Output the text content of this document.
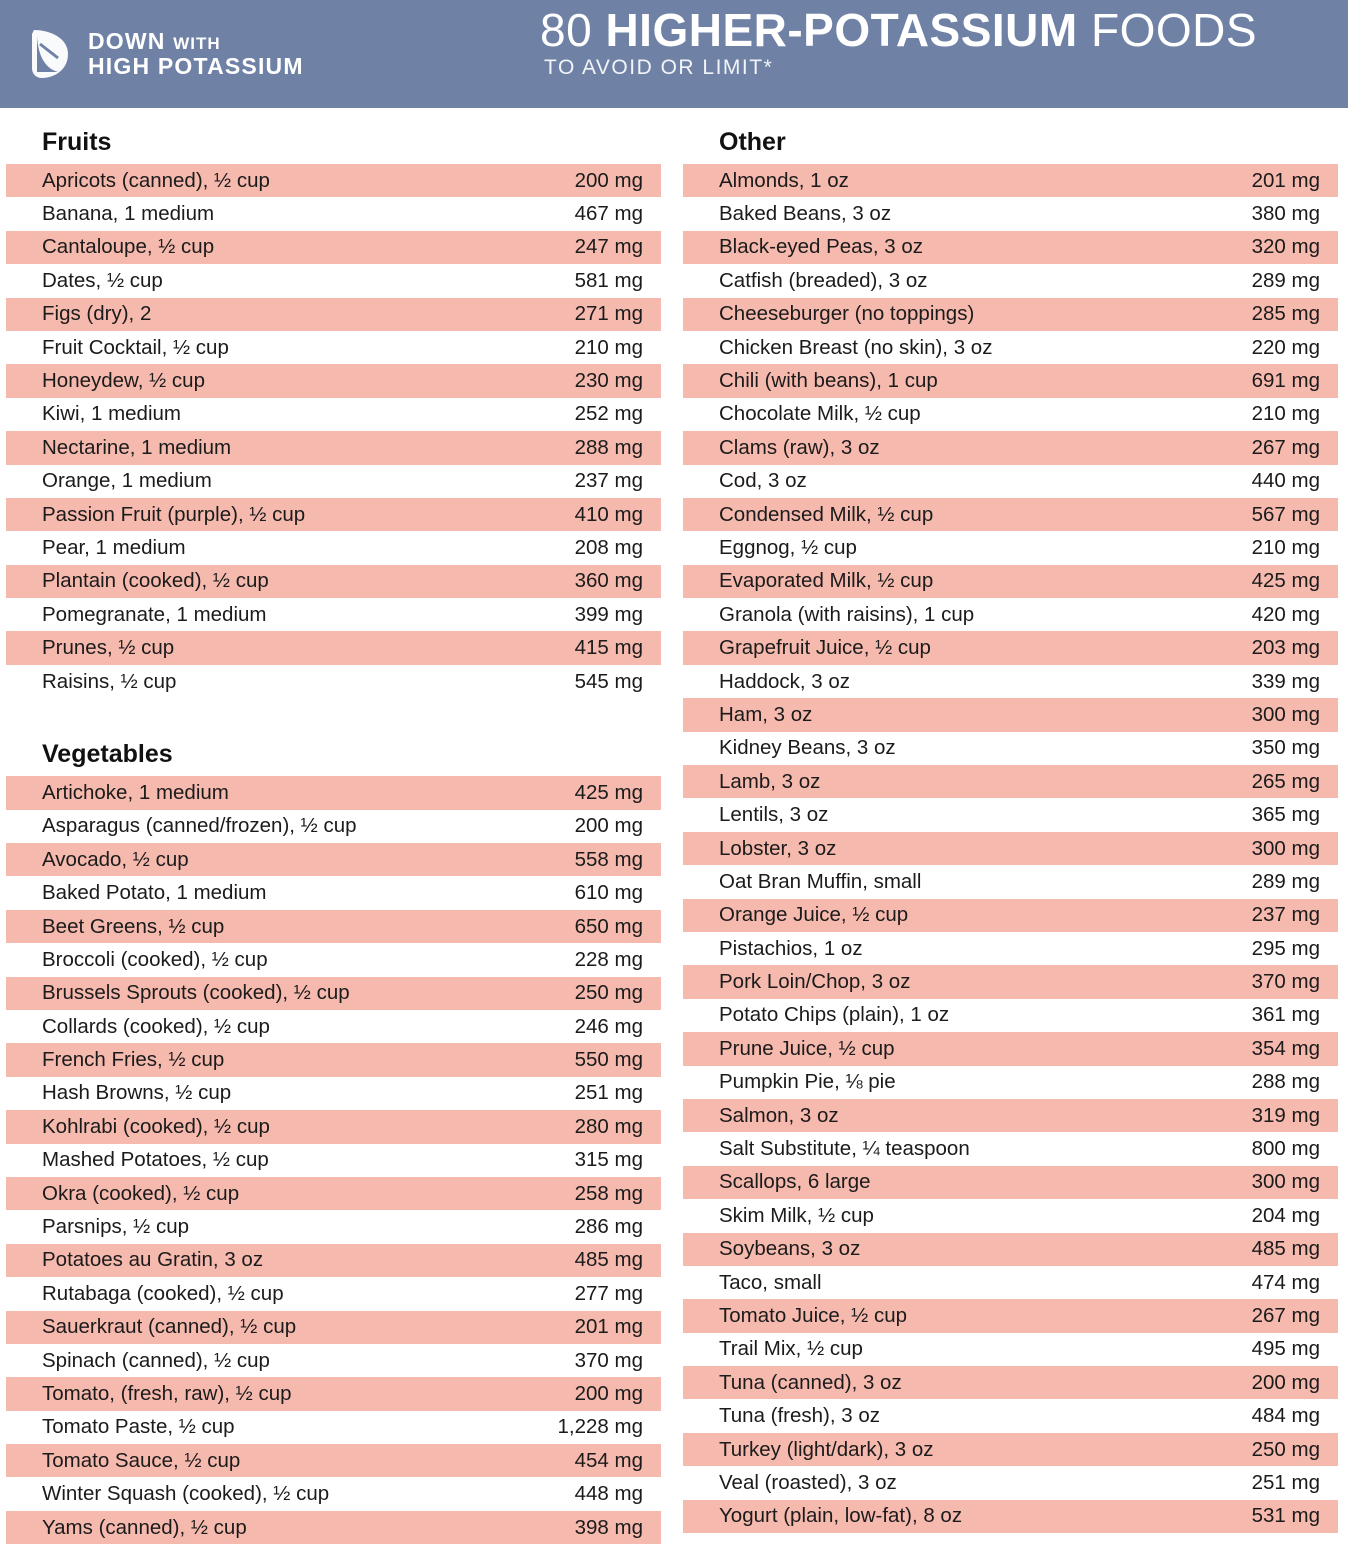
DOWN WITH
HIGH POTASSIUM
80 HIGHER-POTASSIUM FOODS
TO AVOID OR LIMIT*
Fruits
Apricots (canned), ½ cup	200 mg
Banana, 1 medium	467 mg
Cantaloupe, ½ cup	247 mg
Dates, ½ cup	581 mg
Figs (dry), 2	271 mg
Fruit Cocktail, ½ cup	210 mg
Honeydew, ½ cup	230 mg
Kiwi, 1 medium	252 mg
Nectarine, 1 medium	288 mg
Orange, 1 medium	237 mg
Passion Fruit (purple), ½ cup	410 mg
Pear, 1 medium	208 mg
Plantain (cooked), ½ cup	360 mg
Pomegranate, 1 medium	399 mg
Prunes, ½ cup	415 mg
Raisins, ½ cup	545 mg
Vegetables
Artichoke, 1 medium	425 mg
Asparagus (canned/frozen), ½ cup	200 mg
Avocado, ½ cup	558 mg
Baked Potato, 1 medium	610 mg
Beet Greens, ½ cup	650 mg
Broccoli (cooked), ½ cup	228 mg
Brussels Sprouts (cooked), ½ cup	250 mg
Collards (cooked), ½ cup	246 mg
French Fries, ½ cup	550 mg
Hash Browns, ½ cup	251 mg
Kohlrabi (cooked), ½ cup	280 mg
Mashed Potatoes, ½ cup	315 mg
Okra (cooked), ½ cup	258 mg
Parsnips, ½ cup	286 mg
Potatoes au Gratin, 3 oz	485 mg
Rutabaga (cooked), ½ cup	277 mg
Sauerkraut (canned), ½ cup	201 mg
Spinach (canned), ½ cup	370 mg
Tomato, (fresh, raw), ½ cup	200 mg
Tomato Paste, ½ cup	1,228 mg
Tomato Sauce, ½ cup	454 mg
Winter Squash (cooked), ½ cup	448 mg
Yams (canned), ½ cup	398 mg
Other
Almonds, 1 oz	201 mg
Baked Beans, 3 oz	380 mg
Black-eyed Peas, 3 oz	320 mg
Catfish (breaded), 3 oz	289 mg
Cheeseburger (no toppings)	285 mg
Chicken Breast (no skin), 3 oz	220 mg
Chili (with beans), 1 cup	691 mg
Chocolate Milk, ½ cup	210 mg
Clams (raw), 3 oz	267 mg
Cod, 3 oz	440 mg
Condensed Milk, ½ cup	567 mg
Eggnog, ½ cup	210 mg
Evaporated Milk, ½ cup	425 mg
Granola (with raisins), 1 cup	420 mg
Grapefruit Juice, ½ cup	203 mg
Haddock, 3 oz	339 mg
Ham, 3 oz	300 mg
Kidney Beans, 3 oz	350 mg
Lamb, 3 oz	265 mg
Lentils, 3 oz	365 mg
Lobster, 3 oz	300 mg
Oat Bran Muffin, small	289 mg
Orange Juice, ½ cup	237 mg
Pistachios, 1 oz	295 mg
Pork Loin/Chop, 3 oz	370 mg
Potato Chips (plain), 1 oz	361 mg
Prune Juice, ½ cup	354 mg
Pumpkin Pie, ⅛ pie	288 mg
Salmon, 3 oz	319 mg
Salt Substitute, ¼ teaspoon	800 mg
Scallops, 6 large	300 mg
Skim Milk, ½ cup	204 mg
Soybeans, 3 oz	485 mg
Taco, small	474 mg
Tomato Juice, ½ cup	267 mg
Trail Mix, ½ cup	495 mg
Tuna (canned), 3 oz	200 mg
Tuna (fresh), 3 oz	484 mg
Turkey (light/dark), 3 oz	250 mg
Veal (roasted), 3 oz	251 mg
Yogurt (plain, low-fat), 8 oz	531 mg
